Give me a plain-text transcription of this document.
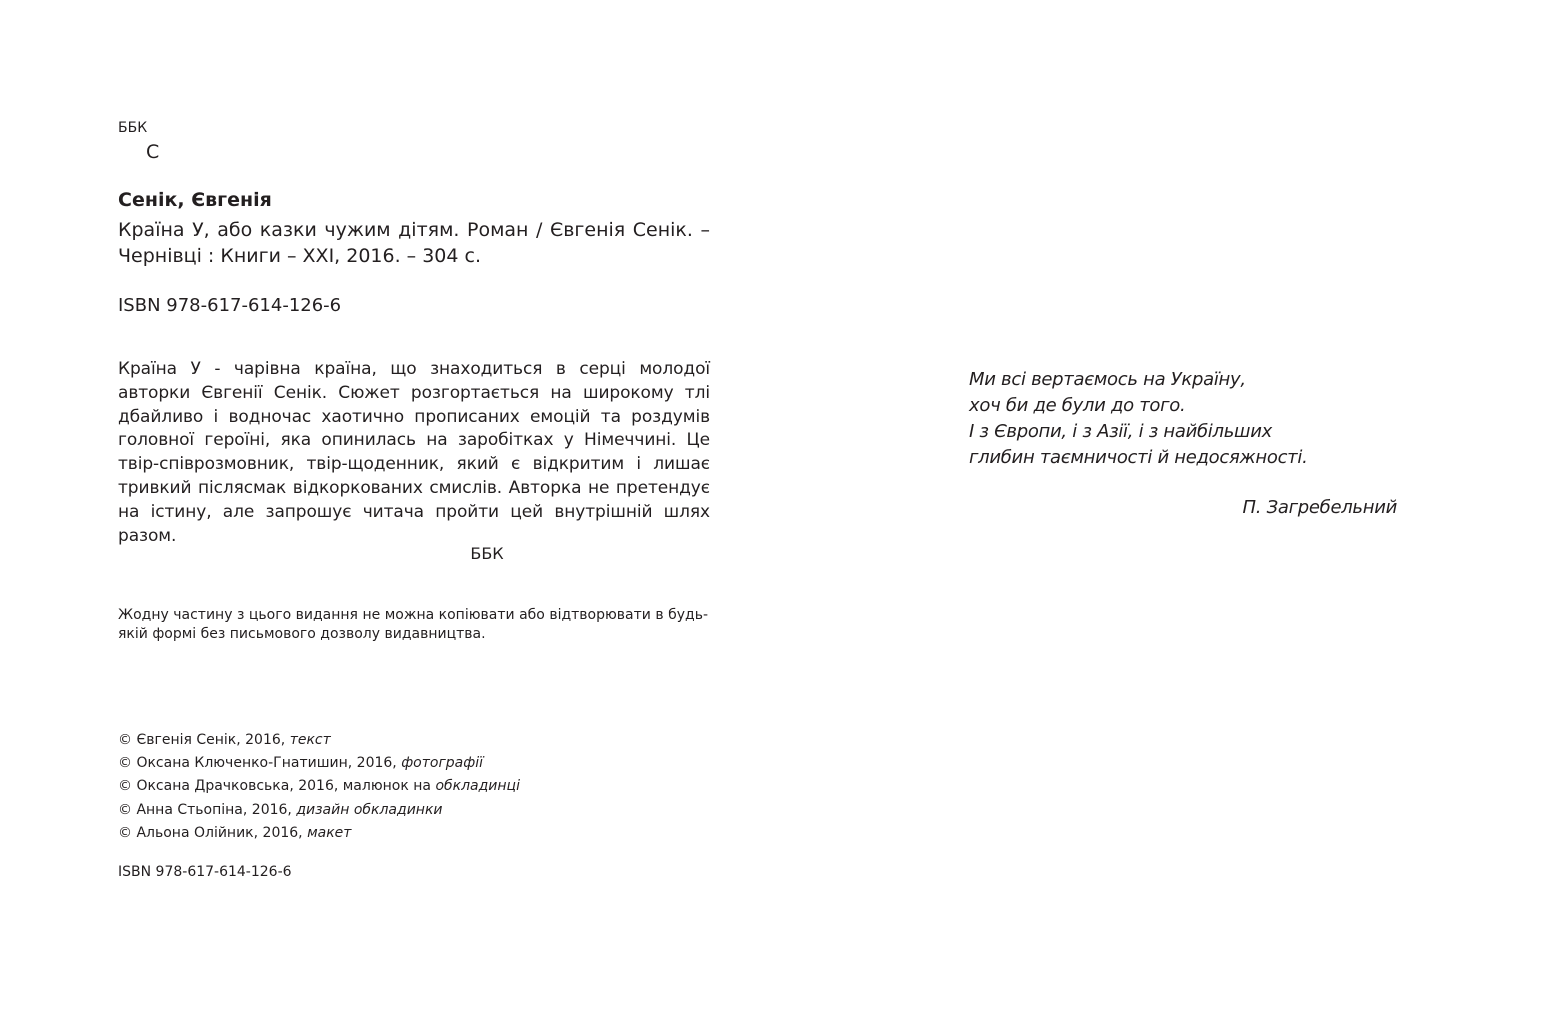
ББК
С
Сенік, Євгенія
Країна У, або казки чужим дітям. Роман / Євгенія Сенік. –
Чернівці : Книги – ХХІ, 2016. – 304 с.
ISBN 978-617-614-126-6
Країна У - чарівна країна, що знаходиться в серці молодої авторки Євгенії Сенік. Сюжет розгортається на широкому тлі дбайливо і водночас хаотично прописаних емоцій та роздумів головної героїні, яка опинилась на заробітках у Німеччині. Це твір-співрозмовник, твір-щоденник, який є відкритим і лишає тривкий післясмак відкоркованих смислів. Авторка не претендує на істину, але запрошує читача пройти цей внутрішній шлях разом.
ББК
Жодну частину з цього видання не можна копіювати або відтворювати в будь-якій формі без письмового дозволу видавництва.
© Євгенія Сенік, 2016, текст
© Оксана Ключенко-Гнатишин, 2016, фотографії
© Оксана Драчковська, 2016, малюнок на обкладинці
© Анна Стьопіна, 2016, дизайн обкладинки
© Альона Олійник, 2016, макет
ISBN 978-617-614-126-6
Ми всі вертаємось на Україну,
хоч би де були до того.
І з Європи, і з Азії, і з найбільших
глибин таємничості й недосяжності.
П. Загребельний
